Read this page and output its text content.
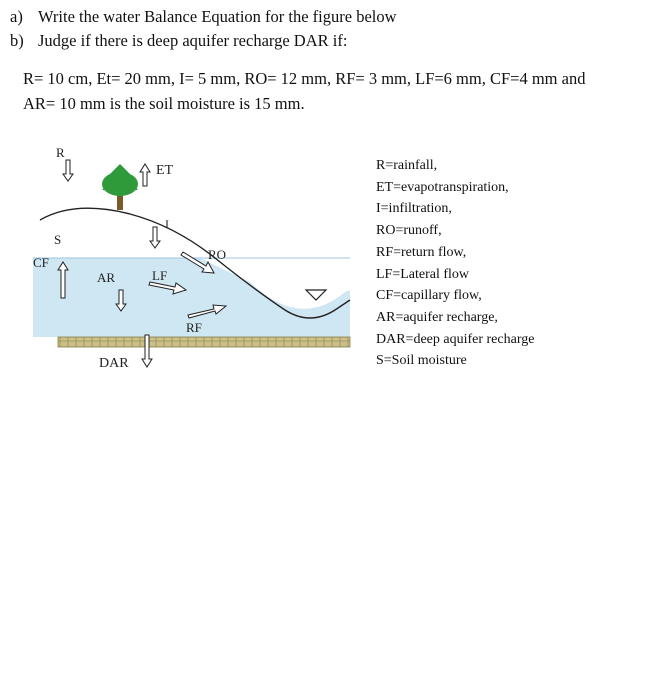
a) Write the water Balance Equation for the figure below
b) Judge if there is deep aquifer recharge DAR if:
R= 10 cm, Et= 20 mm, I= 5 mm, RO= 12 mm, RF= 3 mm, LF=6 mm, CF=4 mm and
AR= 10 mm is the soil moisture is 15 mm.
R
ET
I
S
CF
AR	LF
RO
RF
DAR
R=rainfall,
ET=evapotranspiration,
I=infiltration,
RO=runoff,
RF=return flow,
LF=Lateral flow
CF=capillary flow,
AR=aquifer recharge,
DAR=deep aquifer recharge
S=Soil moisture
